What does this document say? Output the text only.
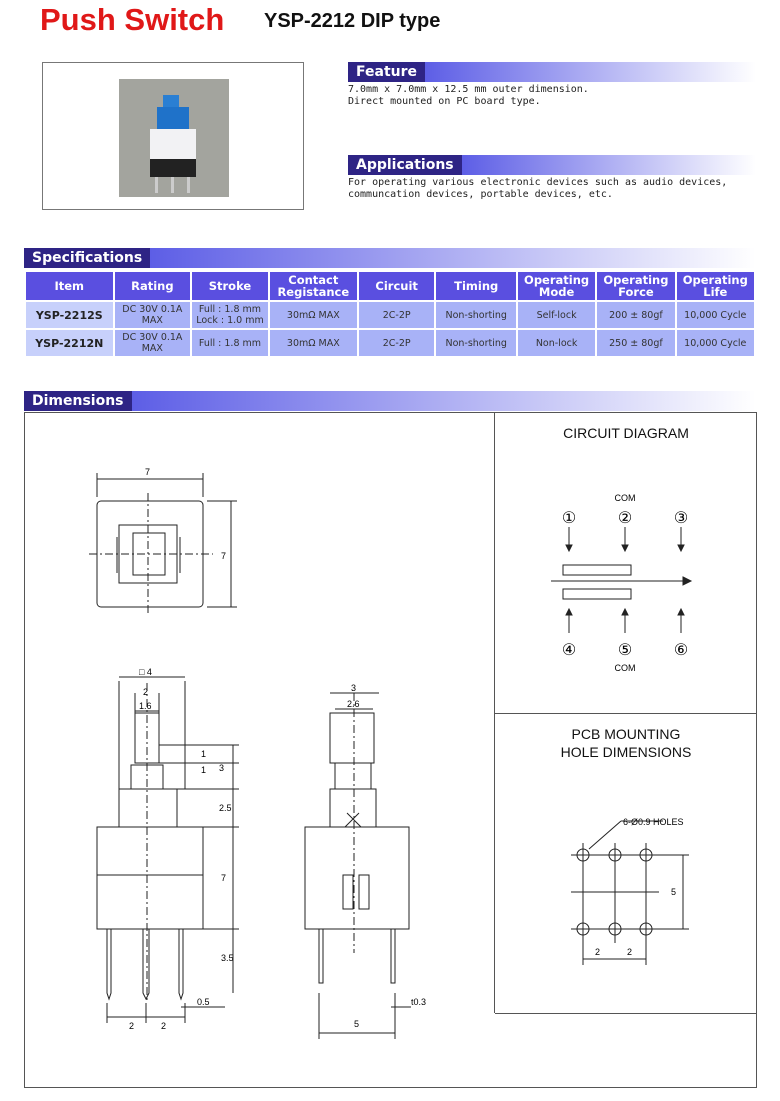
Push Switch YSP-2212 DIP type
Feature
7.0mm x 7.0mm x 12.5 mm outer dimension.
Direct mounted on PC board type.
Applications
For operating various electronic devices such as audio devices,
communcation devices, portable devices, etc.
Specifications
Item	Rating	Stroke	Contact Registance	Circuit	Timing	Operating Mode	Operating Force	Operating Life
YSP-2212S	DC 30V 0.1A MAX	Full : 1.8 mm Lock : 1.0 mm	30mΩ MAX	2C-2P	Non-shorting	Self-lock	200 ± 80gf	10,000 Cycle
YSP-2212N	DC 30V 0.1A MAX	Full : 1.8 mm	30mΩ MAX	2C-2P	Non-shorting	Non-lock	250 ± 80gf	10,000 Cycle
Dimensions
7
7
□ 4
2
1.6
1
1 3
2.5
7
3.5
0.5
2	2
3
2.6
t0.3
5
CIRCUIT DIAGRAM
COM
①	②	③
④	⑤	⑥
COM
PCB MOUNTING
HOLE DIMENSIONS
6-Ø0.9 HOLES
5
2	2
